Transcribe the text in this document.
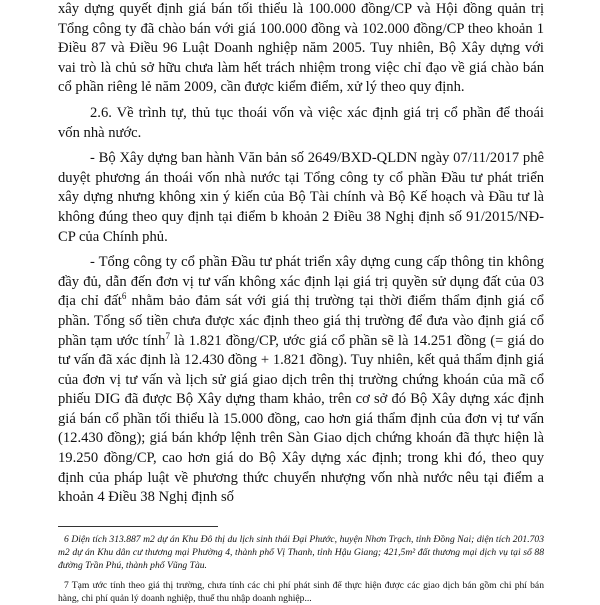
xây dựng quyết định giá bán tối thiểu là 100.000 đồng/CP và Hội đồng quản trị Tổng công ty đã chào bán với giá 100.000 đồng và 102.000 đồng/CP theo khoản 1 Điều 87 và Điều 96 Luật Doanh nghiệp năm 2005. Tuy nhiên, Bộ Xây dựng với vai trò là chủ sở hữu chưa làm hết trách nhiệm trong việc chỉ đạo về giá chào bán cổ phần riêng lẻ năm 2009, cần được kiểm điểm, xử lý theo quy định.

2.6. Về trình tự, thủ tục thoái vốn và việc xác định giá trị cổ phần để thoái vốn nhà nước.

- Bộ Xây dựng ban hành Văn bản số 2649/BXD-QLDN ngày 07/11/2017 phê duyệt phương án thoái vốn nhà nước tại Tổng công ty cổ phần Đầu tư phát triển xây dựng nhưng không xin ý kiến của Bộ Tài chính và Bộ Kế hoạch và Đầu tư là không đúng theo quy định tại điểm b khoản 2 Điều 38 Nghị định số 91/2015/NĐ-CP của Chính phủ.

- Tổng công ty cổ phần Đầu tư phát triển xây dựng cung cấp thông tin không đầy đủ, dẫn đến đơn vị tư vấn không xác định lại giá trị quyền sử dụng đất của 03 địa chỉ đất$^6$ nhằm bảo đảm sát với giá thị trường tại thời điểm thẩm định giá cổ phần. Tổng số tiền chưa được xác định theo giá thị trường để đưa vào định giá cổ phần tạm ước tính$^7$ là 1.821 đồng/CP, ước giá cổ phần sẽ là 14.251 đồng (= giá do tư vấn đã xác định là 12.430 đồng + 1.821 đồng). Tuy nhiên, kết quả thẩm định giá của đơn vị tư vấn và lịch sử giá giao dịch trên thị trường chứng khoán của mã cổ phiếu DIG đã được Bộ Xây dựng tham khảo, trên cơ sở đó Bộ Xây dựng xác định giá bán cổ phần tối thiểu là 15.000 đồng, cao hơn giá thẩm định của đơn vị tư vấn (12.430 đồng); giá bán khớp lệnh trên Sàn Giao dịch chứng khoán đã thực hiện là 19.250 đồng/CP, cao hơn giá do Bộ Xây dựng xác định; trong khi đó, theo quy định của pháp luật về phương thức chuyển nhượng vốn nhà nước nêu tại điểm a khoản 4 Điều 38 Nghị định số

6 Diện tích 313.887 m2 dự án Khu Đô thị du lịch sinh thái Đại Phước, huyện Nhơn Trạch, tỉnh Đồng Nai; diện tích 201.703 m2 dự án Khu dân cư thương mại Phường 4, thành phố Vị Thanh, tỉnh Hậu Giang; 421,5m² đất thương mại dịch vụ tại số 88 đường Trần Phú, thành phố Vũng Tàu.

7 Tạm ước tính theo giá thị trường, chưa tính các chi phí phát sinh để thực hiện được các giao dịch bán gồm chi phí bán hàng, chi phí quản lý doanh nghiệp, thuế thu nhập doanh nghiệp...
